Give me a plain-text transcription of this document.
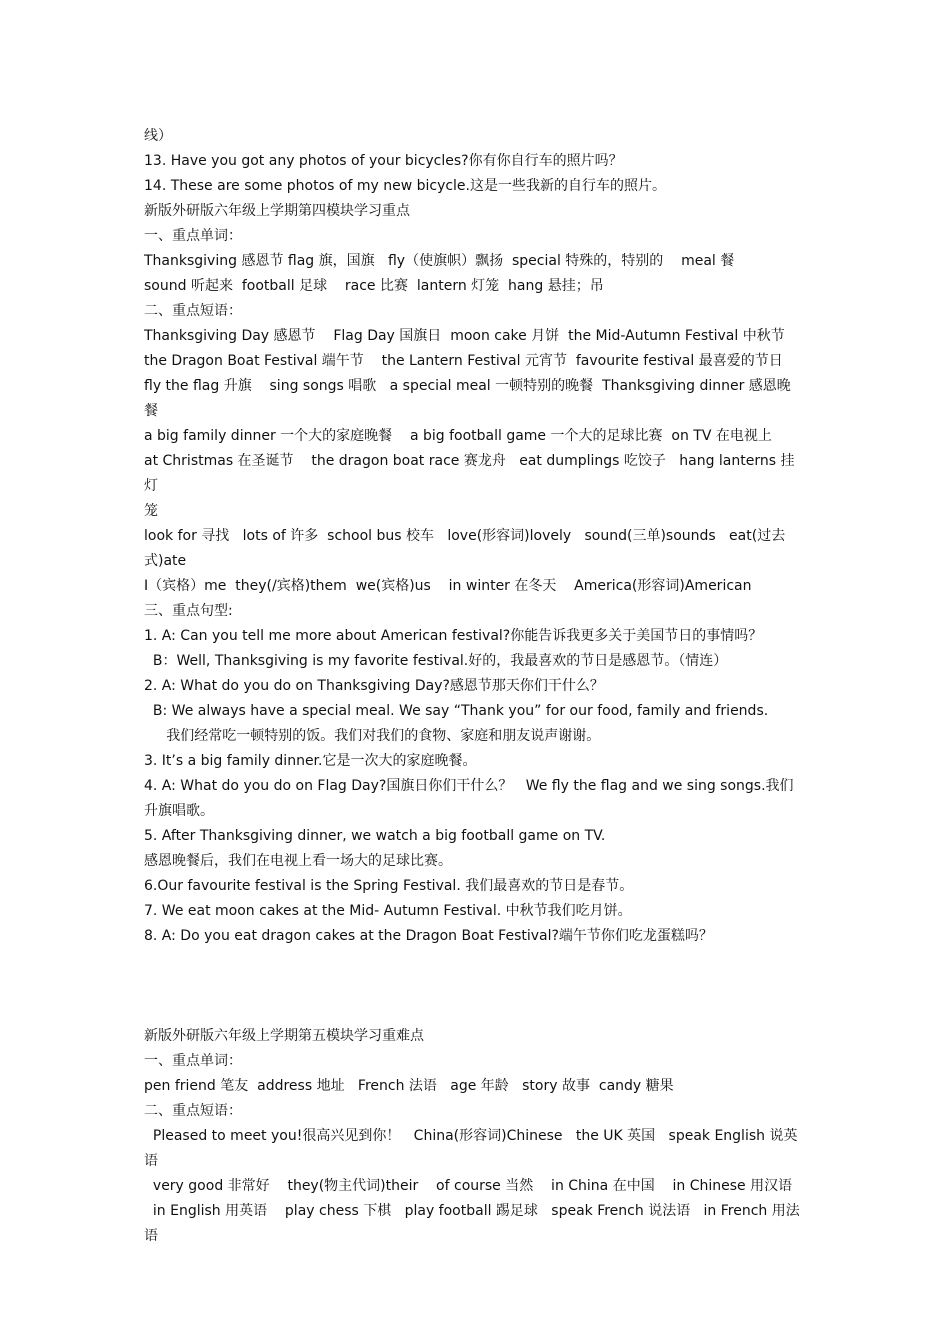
线）

13. Have you got any photos of your bicycles?你有你自行车的照片吗？

14. These are some photos of my new bicycle.这是一些我新的自行车的照片。

新版外研版六年级上学期第四模块学习重点

一、重点单词：

Thanksgiving 感恩节 flag 旗，国旗   fly（使旗帜）飘扬  special 特殊的，特别的    meal 餐

sound 听起来  football 足球    race 比赛  lantern 灯笼  hang 悬挂；吊

二、重点短语：

Thanksgiving Day 感恩节    Flag Day 国旗日  moon cake 月饼  the Mid-Autumn Festival 中秋节

the Dragon Boat Festival 端午节    the Lantern Festival 元宵节  favourite festival 最喜爱的节日

fly the flag 升旗    sing songs 唱歌   a special meal 一顿特别的晚餐  Thanksgiving dinner 感恩晚

餐

a big family dinner 一个大的家庭晚餐    a big football game 一个大的足球比赛  on TV 在电视上

at Christmas 在圣诞节    the dragon boat race 赛龙舟   eat dumplings 吃饺子   hang lanterns 挂灯

笼

look for 寻找   lots of 许多  school bus 校车   love(形容词)lovely   sound(三单)sounds   eat(过去

式)ate

I（宾格）me  they(/宾格)them  we(宾格)us    in winter 在冬天    America(形容词)American

三、重点句型:

1. A: Can you tell me more about American festival?你能告诉我更多关于美国节日的事情吗？

B：Well, Thanksgiving is my favorite festival.好的，我最喜欢的节日是感恩节。（情连）

2. A: What do you do on Thanksgiving Day?感恩节那天你们干什么？

B: We always have a special meal. We say “Thank you” for our food, family and friends.

我们经常吃一顿特别的饭。我们对我们的食物、家庭和朋友说声谢谢。

3. It’s a big family dinner.它是一次大的家庭晚餐。

4. A: What do you do on Flag Day?国旗日你们干什么？   We fly the flag and we sing songs.我们

升旗唱歌。

5. After Thanksgiving dinner, we watch a big football game on TV.

感恩晚餐后，我们在电视上看一场大的足球比赛。

6.Our favourite festival is the Spring Festival. 我们最喜欢的节日是春节。

7. We eat moon cakes at the Mid- Autumn Festival. 中秋节我们吃月饼。

8. A: Do you eat dragon cakes at the Dragon Boat Festival?端午节你们吃龙蛋糕吗？

新版外研版六年级上学期第五模块学习重难点

一、重点单词：

pen friend 笔友  address 地址   French 法语   age 年龄   story 故事  candy 糖果

二、重点短语：

Pleased to meet you!很高兴见到你！   China(形容词)Chinese   the UK 英国   speak English 说英

语

very good 非常好    they(物主代词)their    of course 当然    in China 在中国    in Chinese 用汉语

in English 用英语    play chess 下棋   play football 踢足球   speak French 说法语   in French 用法

语
